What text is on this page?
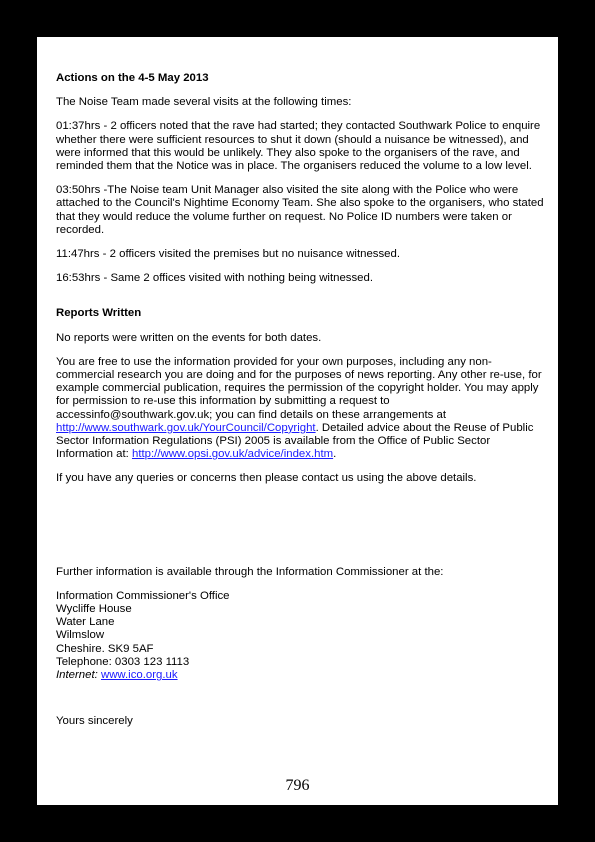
Actions on the 4-5 May 2013

The Noise Team made several visits at the following times:

01:37hrs - 2 officers noted that the rave had started; they contacted Southwark Police to enquire whether there were sufficient resources to shut it down (should a nuisance be witnessed), and were informed that this would be unlikely. They also spoke to the organisers of the rave, and reminded them that the Notice was in place. The organisers reduced the volume to a low level.

03:50hrs -The Noise team Unit Manager also visited the site along with the Police who were attached to the Council's Nightime Economy Team. She also spoke to the organisers, who stated that they would reduce the volume further on request. No Police ID numbers were taken or recorded.

11:47hrs - 2 officers visited the premises but no nuisance witnessed.

16:53hrs - Same 2 offices visited with nothing being witnessed.

Reports Written

No reports were written on the events for both dates.

You are free to use the information provided for your own purposes, including any non-commercial research you are doing and for the purposes of news reporting. Any other re-use, for example commercial publication, requires the permission of the copyright holder. You may apply for permission to re-use this information by submitting a request to accessinfo@southwark.gov.uk; you can find details on these arrangements at http://www.southwark.gov.uk/YourCouncil/Copyright. Detailed advice about the Reuse of Public Sector Information Regulations (PSI) 2005 is available from the Office of Public Sector Information at: http://www.opsi.gov.uk/advice/index.htm.

If you have any queries or concerns then please contact us using the above details.

Further information is available through the Information Commissioner at the:

Information Commissioner's Office

Wycliffe House

Water Lane

Wilmslow

Cheshire. SK9 5AF

Telephone: 0303 123 1113

Internet: www.ico.org.uk

Yours sincerely

796
